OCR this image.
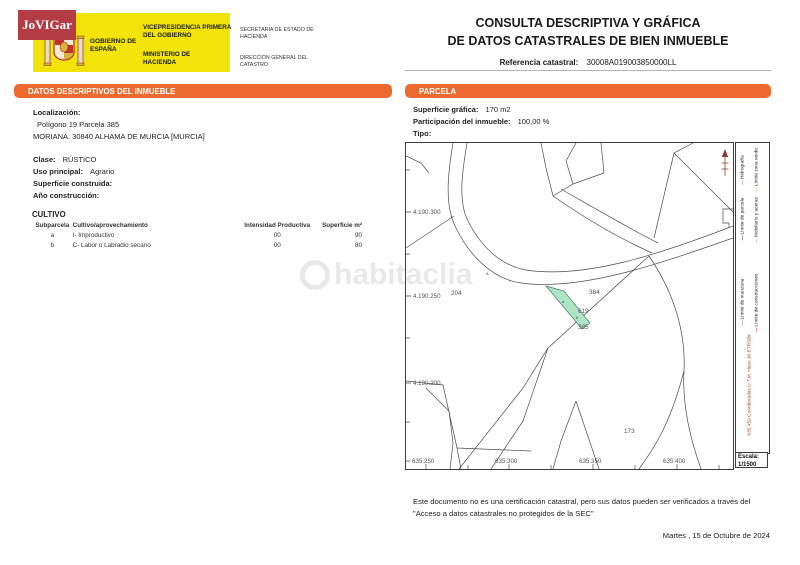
JoVIGar
GOBIERNO DE ESPAÑA
VICEPRESIDENCIA PRIMERA DEL GOBIERNO
MINISTERIO DE HACIENDA
SECRETARÍA DE ESTADO DE HACIENDA
DIRECCIÓN GENERAL DEL CATASTRO
CONSULTA DESCRIPTIVA Y GRÁFICA
DE DATOS CATASTRALES DE BIEN INMUEBLE
Referencia catastral: 30008A019003850000LL
DATOS DESCRIPTIVOS DEL INMUEBLE
Localización:
Polígono 19 Parcela 385
MORIANA. 30840 ALHAMA DE MURCIA [MURCIA]
Clase: RÚSTICO
Uso principal: Agrario
Superficie construida:
Año construcción:
CULTIVO
Subparcela	Cultivo/aprovechamiento	Intensidad Productiva	Superficie m²
a	I- Improductivo	00	90
b	C- Labor o Labradio secano	00	80
PARCELA
Superficie gráfica: 170 m2
Participación del inmueble: 100,00 %
Tipo:
4.190.300
4.190.250
4.190.200
635.250	635.300	635.350	635.400
204	384
619
385
173
A
a
b
—Hidrografía
—Límite zona verde
—Límite de parcela
—Mobiliario y aceras
—Límite de manzana
—Límite de construcciones
635.450 Coordenadas U.T.M. Huso 30 ETRS89
Escala:
1/1500
habitaclia
Este documento no es una certificación catastral, pero sus datos pueden ser verificados a través del "Acceso a datos catastrales no protegidos de la SEC"
Martes , 15 de Octubre de 2024
